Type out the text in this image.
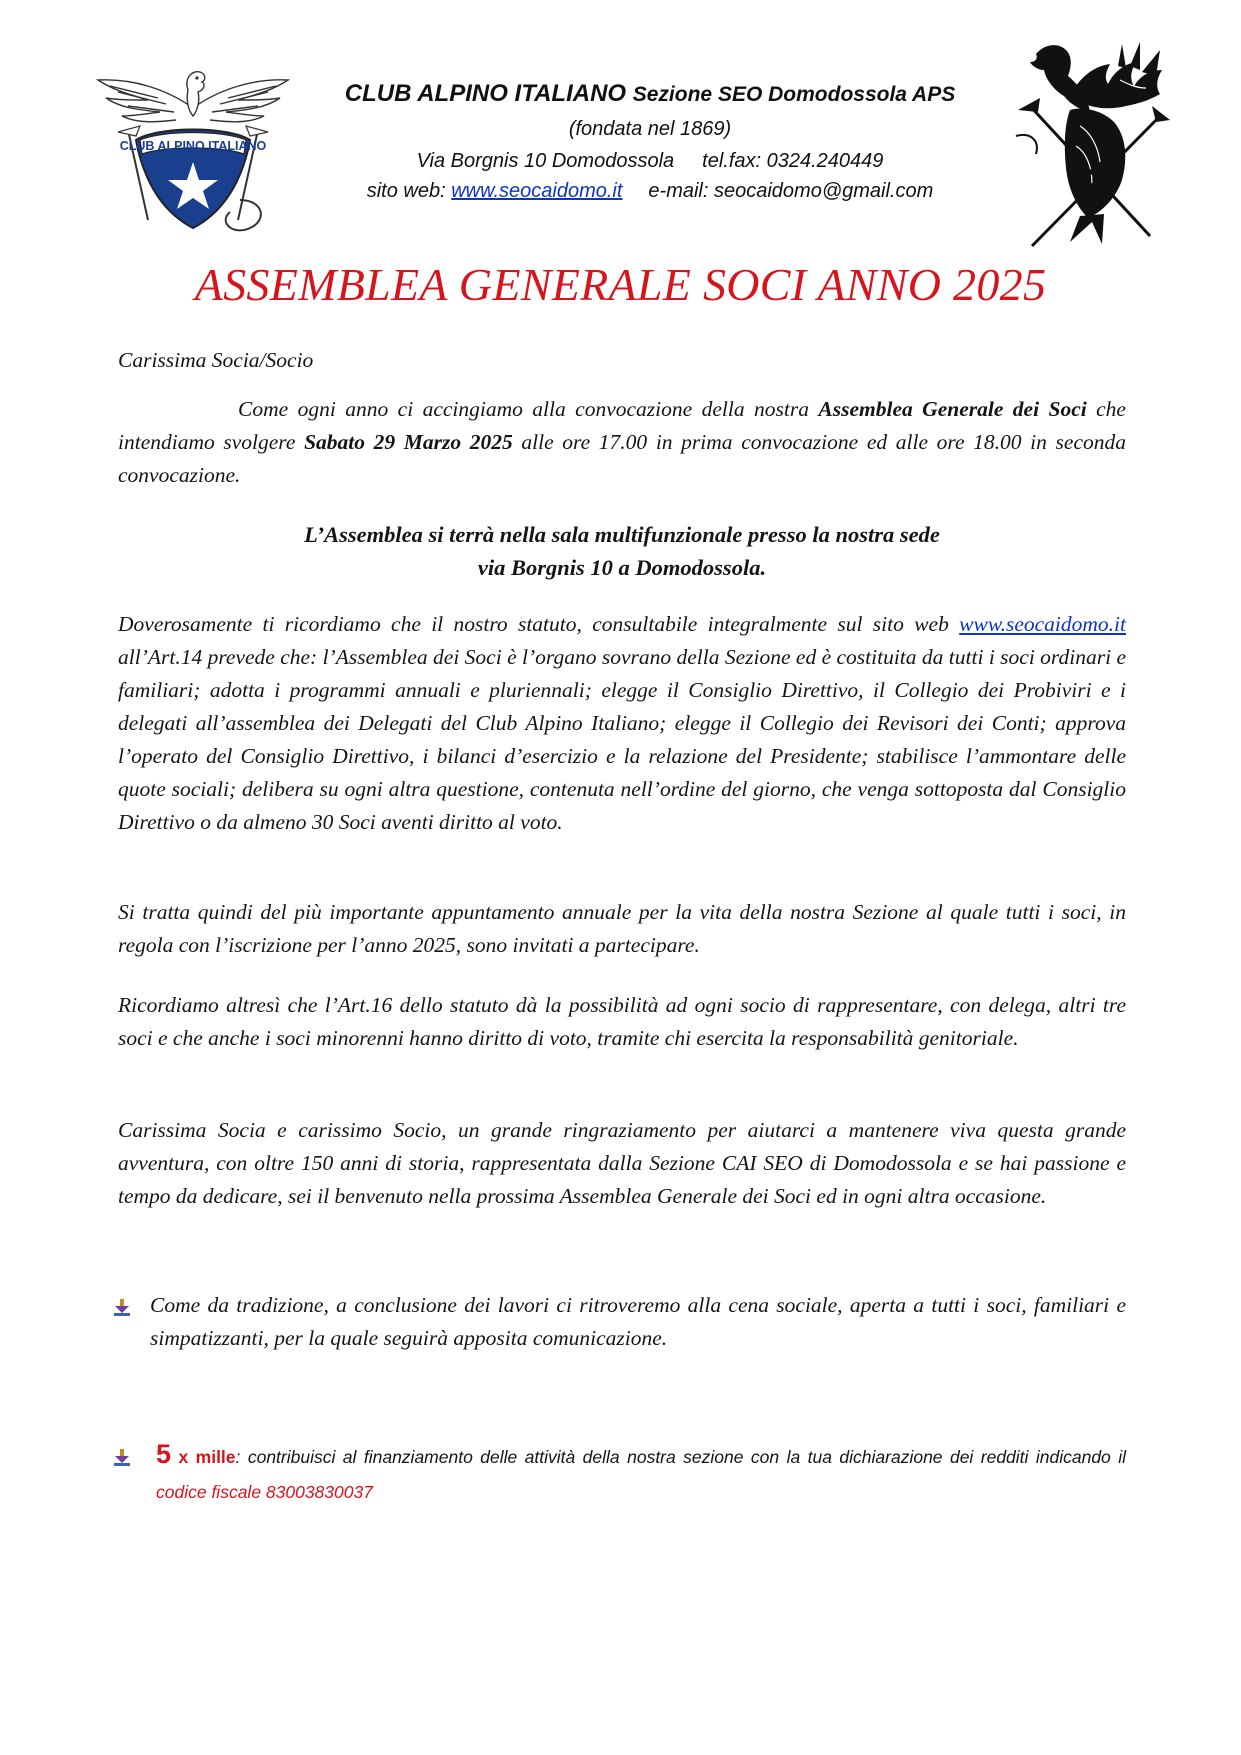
CLUB ALPINO ITALIANO
CLUB ALPINO ITALIANO Sezione SEO Domodossola APS
(fondata nel 1869)
Via Borgnis 10 Domodossola tel.fax: 0324.240449
sito web: www.seocaidomo.it e-mail: seocaidomo@gmail.com
ASSEMBLEA GENERALE SOCI ANNO 2025
Carissima Socia/Socio
Come ogni anno ci accingiamo alla convocazione della nostra Assemblea Generale dei Soci che intendiamo svolgere Sabato 29 Marzo 2025 alle ore 17.00 in prima convocazione ed alle ore 18.00 in seconda convocazione.
L’Assemblea si terrà nella sala multifunzionale presso la nostra sede
via Borgnis 10 a Domodossola.
Doverosamente ti ricordiamo che il nostro statuto, consultabile integralmente sul sito web www.seocaidomo.it all’Art.14 prevede che: l’Assemblea dei Soci è l’organo sovrano della Sezione ed è costituita da tutti i soci ordinari e familiari; adotta i programmi annuali e pluriennali; elegge il Consiglio Direttivo, il Collegio dei Probiviri e i delegati all’assemblea dei Delegati del Club Alpino Italiano; elegge il Collegio dei Revisori dei Conti; approva l’operato del Consiglio Direttivo, i bilanci d’esercizio e la relazione del Presidente; stabilisce l’ammontare delle quote sociali; delibera su ogni altra questione, contenuta nell’ordine del giorno, che venga sottoposta dal Consiglio Direttivo o da almeno 30 Soci aventi diritto al voto.
Si tratta quindi del più importante appuntamento annuale per la vita della nostra Sezione al quale tutti i soci, in regola con l’iscrizione per l’anno 2025, sono invitati a partecipare.
Ricordiamo altresì che l’Art.16 dello statuto dà la possibilità ad ogni socio di rappresentare, con delega, altri tre soci e che anche i soci minorenni hanno diritto di voto, tramite chi esercita la responsabilità genitoriale.
Carissima Socia e carissimo Socio, un grande ringraziamento per aiutarci a mantenere viva questa grande avventura, con oltre 150 anni di storia, rappresentata dalla Sezione CAI SEO di Domodossola e se hai passione e tempo da dedicare, sei il benvenuto nella prossima Assemblea Generale dei Soci ed in ogni altra occasione.
Come da tradizione, a conclusione dei lavori ci ritroveremo alla cena sociale, aperta a tutti i soci, familiari e simpatizzanti, per la quale seguirà apposita comunicazione.
5 x mille: contribuisci al finanziamento delle attività della nostra sezione con la tua dichiarazione dei redditi indicando il codice fiscale 83003830037
